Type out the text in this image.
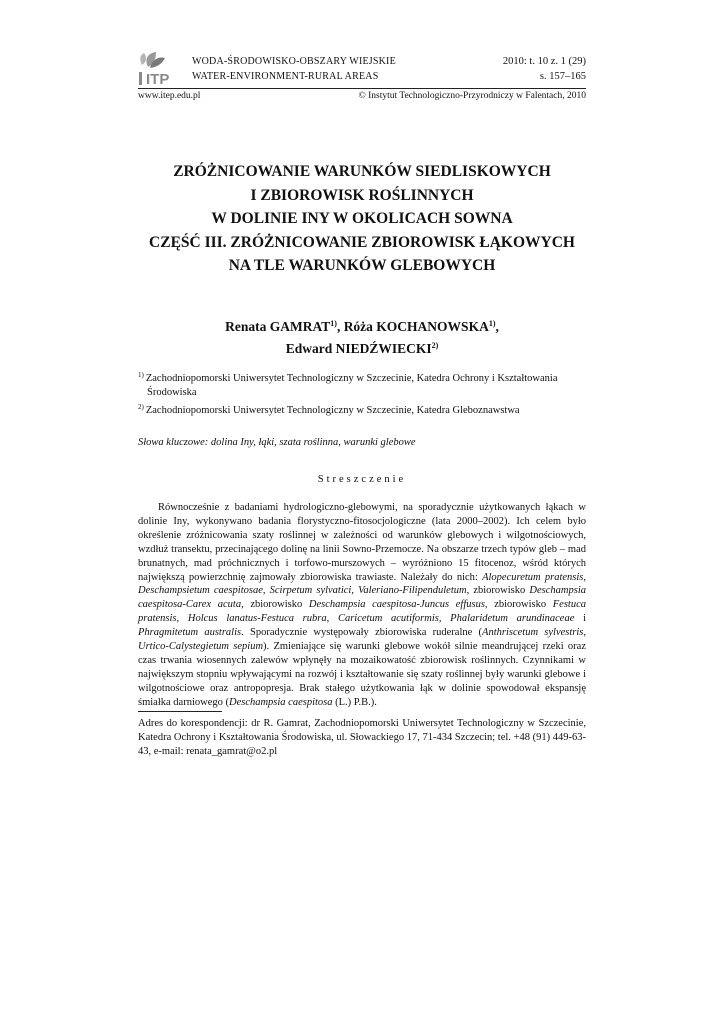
ITP
WODA-ŚRODOWISKO-OBSZARY WIEJSKIE
WATER-ENVIRONMENT-RURAL AREAS
2010: t. 10 z. 1 (29)
s. 157–165
www.itep.edu.pl	© Instytut Technologiczno-Przyrodniczy w Falentach, 2010
ZRÓŻNICOWANIE WARUNKÓW SIEDLISKOWYCH
I ZBIOROWISK ROŚLINNYCH
W DOLINIE INY W OKOLICACH SOWNA
CZĘŚĆ III. ZRÓŻNICOWANIE ZBIOROWISK ŁĄKOWYCH
NA TLE WARUNKÓW GLEBOWYCH
Renata GAMRAT$^{1)}$, Róża KOCHANOWSKA$^{1)}$,
Edward NIEDŹWIECKI$^{2)}$

$^{1)}$ Zachodniopomorski Uniwersytet Technologiczny w Szczecinie, Katedra Ochrony i Kształtowania Środowiska

$^{2)}$ Zachodniopomorski Uniwersytet Technologiczny w Szczecinie, Katedra Gleboznawstwa

Słowa kluczowe: dolina Iny, łąki, szata roślinna, warunki glebowe
Streszczenie

Równocześnie z badaniami hydrologiczno-glebowymi, na sporadycznie użytkowanych łąkach w dolinie Iny, wykonywano badania florystyczno-fitosocjologiczne (lata 2000–2002). Ich celem było określenie zróżnicowania szaty roślinnej w zależności od warunków glebowych i wilgotnościowych, wzdłuż transektu, przecinającego dolinę na linii Sowno-Przemocze. Na obszarze trzech typów gleb – mad brunatnych, mad próchnicznych i torfowo-murszowych – wyróżniono 15 fitocenoz, wśród których największą powierzchnię zajmowały zbiorowiska trawiaste. Należały do nich: Alopecuretum pratensis, Deschampsietum caespitosae, Scirpetum sylvatici, Valeriano-Filipenduletum, zbiorowisko Deschampsia caespitosa-Carex acuta, zbiorowisko Deschampsia caespitosa-Juncus effusus, zbiorowisko Festuca pratensis, Holcus lanatus-Festuca rubra, Caricetum acutiformis, Phalaridetum arundinaceae i Phragmitetum australis. Sporadycznie występowały zbiorowiska ruderalne (Anthriscetum sylvestris, Urtico-Calystegietum sepium). Zmieniające się warunki glebowe wokół silnie meandrującej rzeki oraz czas trwania wiosennych zalewów wpłynęły na mozaikowatość zbiorowisk roślinnych. Czynnikami w największym stopniu wpływającymi na rozwój i kształtowanie się szaty roślinnej były warunki glebowe i wilgotnościowe oraz antropopresja. Brak stałego użytkowania łąk w dolinie spowodował ekspansję śmiałka darniowego (Deschampsia caespitosa (L.) P.B.).

Adres do korespondencji: dr R. Gamrat, Zachodniopomorski Uniwersytet Technologiczny w Szczecinie, Katedra Ochrony i Kształtowania Środowiska, ul. Słowackiego 17, 71-434 Szczecin; tel. +48 (91) 449-63-43, e-mail: renata_gamrat@o2.pl
